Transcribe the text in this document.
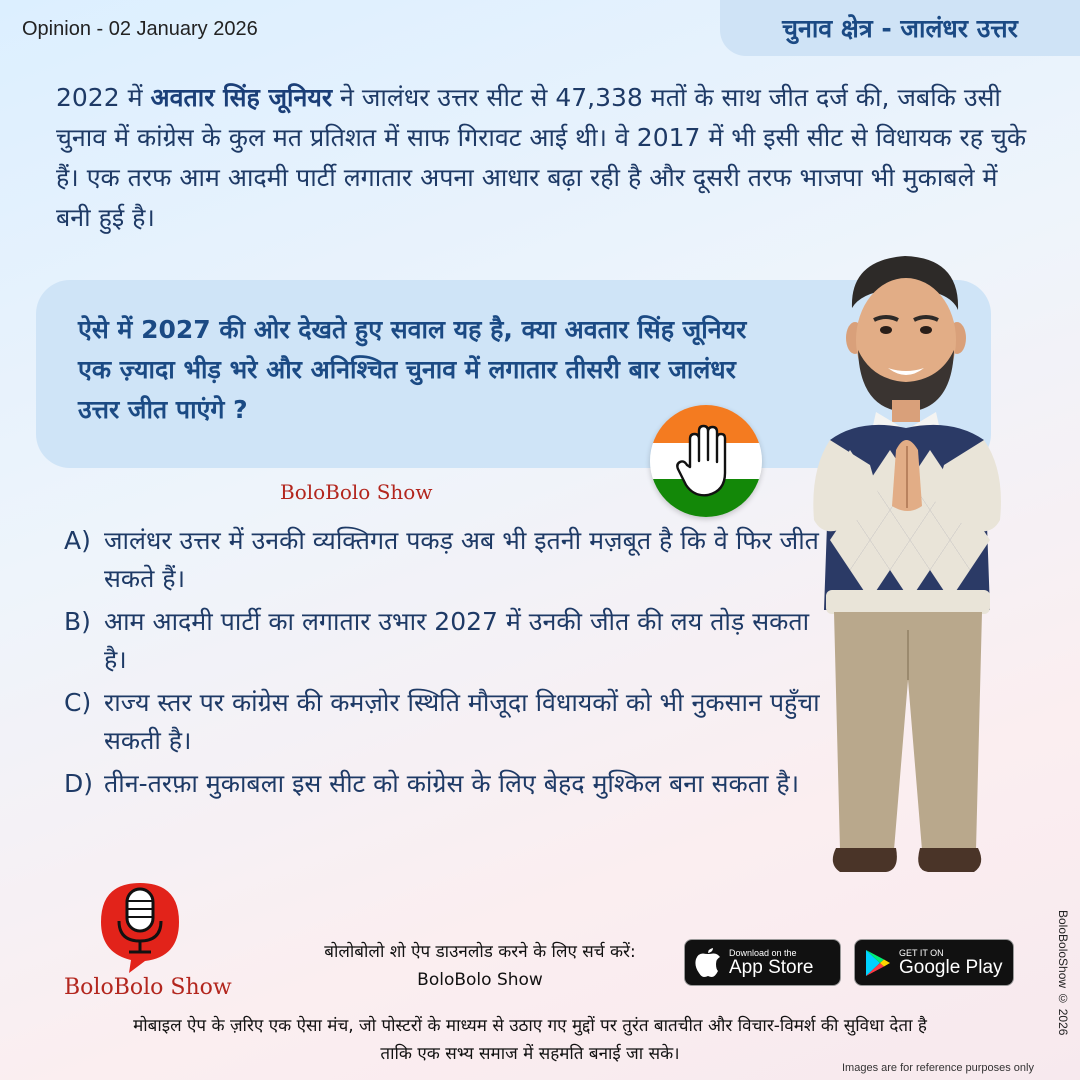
Opinion - 02 January 2026	चुनाव क्षेत्र - जालंधर उत्तर

2022 में अवतार सिंह जूनियर ने जालंधर उत्तर सीट से 47,338 मतों के साथ जीत दर्ज की, जबकि उसी चुनाव में कांग्रेस के कुल मत प्रतिशत में साफ गिरावट आई थी। वे 2017 में भी इसी सीट से विधायक रह चुके हैं। एक तरफ आम आदमी पार्टी लगातार अपना आधार बढ़ा रही है और दूसरी तरफ भाजपा भी मुकाबले में बनी हुई है।

ऐसे में 2027 की ओर देखते हुए सवाल यह है, क्या अवतार सिंह जूनियर एक ज़्यादा भीड़ भरे और अनिश्चित चुनाव में लगातार तीसरी बार जालंधर उत्तर जीत पाएंगे ?

BoloBolo Show
A) जालंधर उत्तर में उनकी व्यक्तिगत पकड़ अब भी इतनी मज़बूत है कि वे फिर जीत सकते हैं।
B) आम आदमी पार्टी का लगातार उभार 2027 में उनकी जीत की लय तोड़ सकता है।
C) राज्य स्तर पर कांग्रेस की कमज़ोर स्थिति मौजूदा विधायकों को भी नुकसान पहुँचा सकती है।
D) तीन-तरफ़ा मुकाबला इस सीट को कांग्रेस के लिए बेहद मुश्किल बना सकता है।
BoloBolo Show
बोलोबोलो शो ऐप डाउनलोड करने के लिए सर्च करें:
BoloBolo Show
Download on the
App Store
GET IT ON
Google Play
मोबाइल ऐप के ज़रिए एक ऐसा मंच, जो पोस्टरों के माध्यम से उठाए गए मुद्दों पर तुरंत बातचीत और विचार-विमर्श की सुविधा देता है
ताकि एक सभ्य समाज में सहमति बनाई जा सके।
Images are for reference purposes only
BoloBoloShow © 2026
